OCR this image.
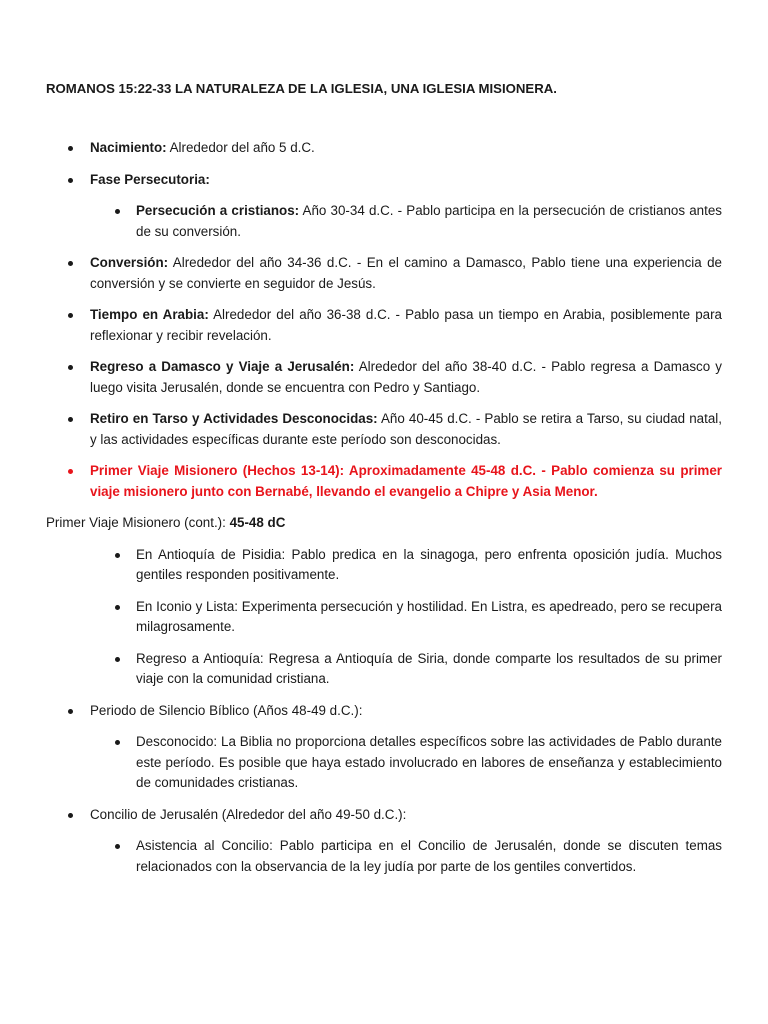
ROMANOS 15:22-33 LA NATURALEZA DE LA IGLESIA, UNA IGLESIA MISIONERA.
Nacimiento: Alrededor del año 5 d.C.
Fase Persecutoria:
Persecución a cristianos: Año 30-34 d.C. - Pablo participa en la persecución de cristianos antes de su conversión.
Conversión: Alrededor del año 34-36 d.C. - En el camino a Damasco, Pablo tiene una experiencia de conversión y se convierte en seguidor de Jesús.
Tiempo en Arabia: Alrededor del año 36-38 d.C. - Pablo pasa un tiempo en Arabia, posiblemente para reflexionar y recibir revelación.
Regreso a Damasco y Viaje a Jerusalén: Alrededor del año 38-40 d.C. - Pablo regresa a Damasco y luego visita Jerusalén, donde se encuentra con Pedro y Santiago.
Retiro en Tarso y Actividades Desconocidas: Año 40-45 d.C. - Pablo se retira a Tarso, su ciudad natal, y las actividades específicas durante este período son desconocidas.
Primer Viaje Misionero (Hechos 13-14): Aproximadamente 45-48 d.C. - Pablo comienza su primer viaje misionero junto con Bernabé, llevando el evangelio a Chipre y Asia Menor.
Primer Viaje Misionero (cont.): 45-48 dC
En Antioquía de Pisidia: Pablo predica en la sinagoga, pero enfrenta oposición judía. Muchos gentiles responden positivamente.
En Iconio y Lista: Experimenta persecución y hostilidad. En Listra, es apedreado, pero se recupera milagrosamente.
Regreso a Antioquía: Regresa a Antioquía de Siria, donde comparte los resultados de su primer viaje con la comunidad cristiana.
Periodo de Silencio Bíblico (Años 48-49 d.C.):
Desconocido: La Biblia no proporciona detalles específicos sobre las actividades de Pablo durante este período. Es posible que haya estado involucrado en labores de enseñanza y establecimiento de comunidades cristianas.
Concilio de Jerusalén (Alrededor del año 49-50 d.C.):
Asistencia al Concilio: Pablo participa en el Concilio de Jerusalén, donde se discuten temas relacionados con la observancia de la ley judía por parte de los gentiles convertidos.
